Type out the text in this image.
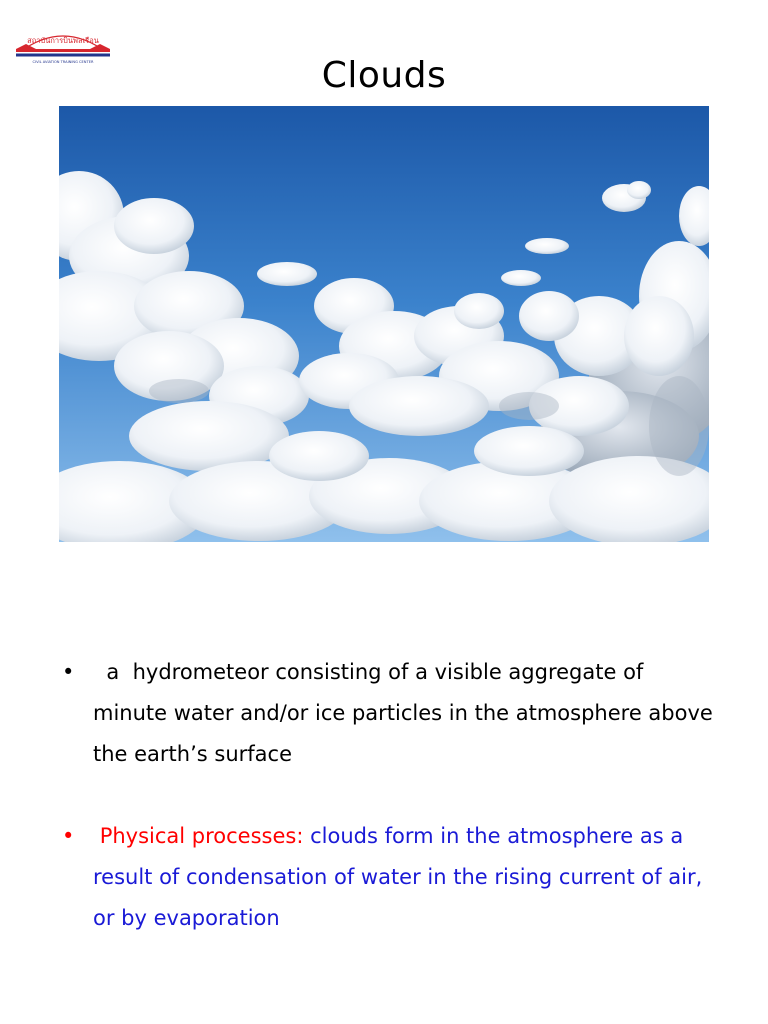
สถาบันการบินพลเรือน
CIVIL AVIATION TRAINING CENTER	Clouds
• a  hydrometeor consisting of a visible aggregate of minute water and/or ice particles in the atmosphere above the earth’s surface
• Physical processes: clouds form in the atmosphere as a result of condensation of water in the rising current of air, or by evaporation
